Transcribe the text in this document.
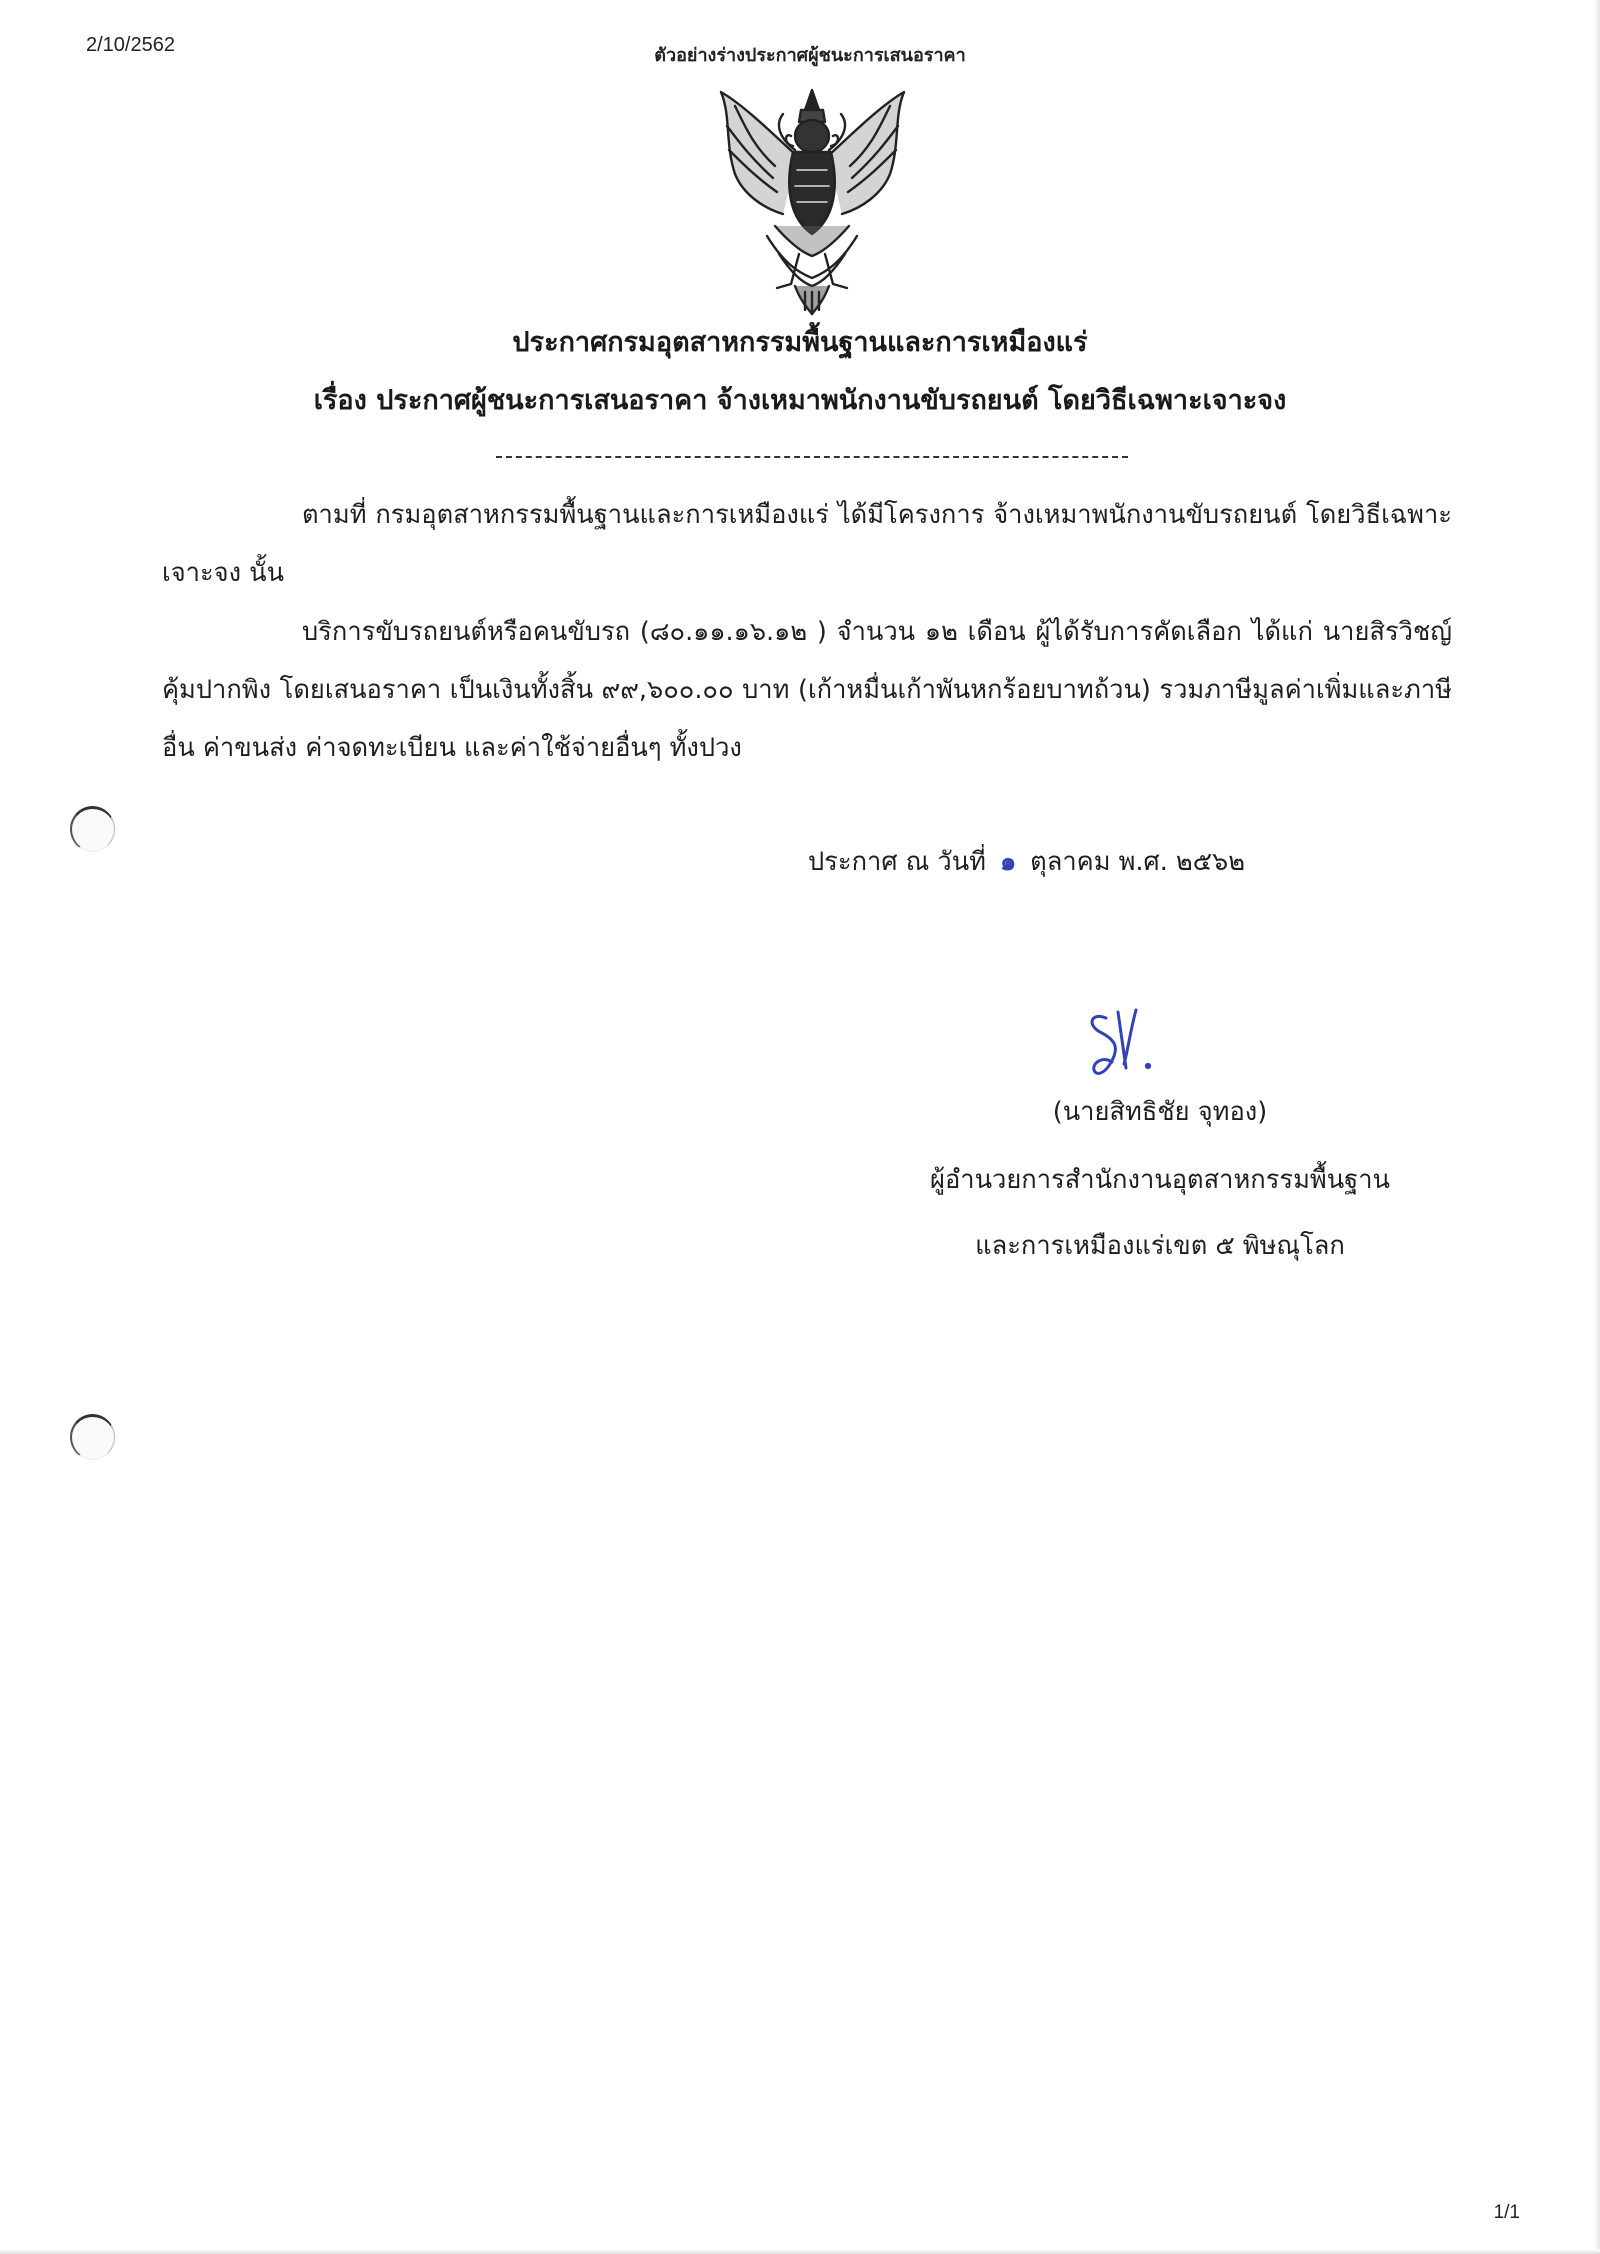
2/10/2562	ตัวอย่างร่างประกาศผู้ชนะการเสนอราคา
ประกาศกรมอุตสาหกรรมพื้นฐานและการเหมืองแร่
เรื่อง ประกาศผู้ชนะการเสนอราคา จ้างเหมาพนักงานขับรถยนต์ โดยวิธีเฉพาะเจาะจง
ตามที่ กรมอุตสาหกรรมพื้นฐานและการเหมืองแร่ ได้มีโครงการ จ้างเหมาพนักงานขับรถยนต์ โดยวิธีเฉพาะเจาะจง นั้น
บริการขับรถยนต์หรือคนขับรถ (๘๐.๑๑.๑๖.๑๒ ) จำนวน ๑๒ เดือน ผู้ได้รับการคัดเลือก ได้แก่ นายสิรวิชญ์ คุ้มปากพิง โดยเสนอราคา เป็นเงินทั้งสิ้น ๙๙,๖๐๐.๐๐ บาท (เก้าหมื่นเก้าพันหกร้อยบาทถ้วน) รวมภาษีมูลค่าเพิ่มและภาษีอื่น ค่าขนส่ง ค่าจดทะเบียน และค่าใช้จ่ายอื่นๆ ทั้งปวง
ประกาศ ณ วันที่ ๑ ตุลาคม พ.ศ. ๒๕๖๒
(นายสิทธิชัย จุทอง)
ผู้อำนวยการสำนักงานอุตสาหกรรมพื้นฐาน
และการเหมืองแร่เขต ๕ พิษณุโลก
1/1
